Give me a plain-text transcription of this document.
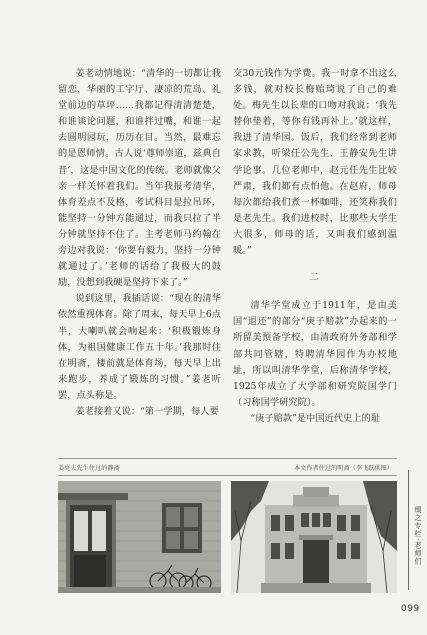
姜老动情地说：“清华的一切都让我留恋，华丽的工字厅、凄凉的荒岛、礼堂前边的草坪……我都记得清清楚楚，和谁谈论问题，和谁拌过嘴，和谁一起去圆明园玩，历历在目。当然，最难忘的是恩师情。古人说‘尊师崇道，兹典自昔’，这是中国文化的传统。老师就像父亲一样关怀着我们。当年我报考清华，体育差点不及格，考试科目是拉吊环，能坚持一分钟方能通过，而我只拉了半分钟就坚持不住了。主考老师马约翰在旁边对我说：‘你要有毅力，坚持一分钟就通过了。’老师的话给了我极大的鼓励，没想到我硬是坚持下来了。”

说到这里，我插话说：“现在的清华依然重视体育。除了周末，每天早上6点半，大喇叭就会响起来：‘积极锻炼身体，为祖国健康工作五十年。’我那时住在明斋，楼前就是体育场，每天早上出来跑步，养成了锻炼的习惯。”姜老听罢，点头称是。

姜老接着又说：“第一学期，每人要

交30元钱作为学费。我一时拿不出这么多钱，就对校长梅贻琦说了自己的难处。梅先生以长辈的口吻对我说：‘我先替你垫着，等你有钱再补上。’就这样，我进了清华园。饭后，我们经常到老师家求教，听梁任公先生、王静安先生讲学论事。几位老师中，赵元任先生比较严肃，我们都有点怕他。在赵府，师母每次都给我们煮一杯咖啡，还笑称我们是老先生。我们进校时，比那些大学生大很多，师母的话，又叫我们感到温暖。”

二

清华学堂成立于1911年，是由美国“退还”的部分“庚子赔款”办起来的一所留美预备学校，由清政府外务部和学部共同管辖，特聘清华园作为办校地址，所以叫清华学堂，后称清华学校，1925年成立了大学部和研究院国学门（习称国学研究院）。

“庚子赔款”是中国近代史上的耻

姜亮夫先生住过的静斋	本文作者住过的明斋（李飞跃供图）
缀之专栏·老师们
099
